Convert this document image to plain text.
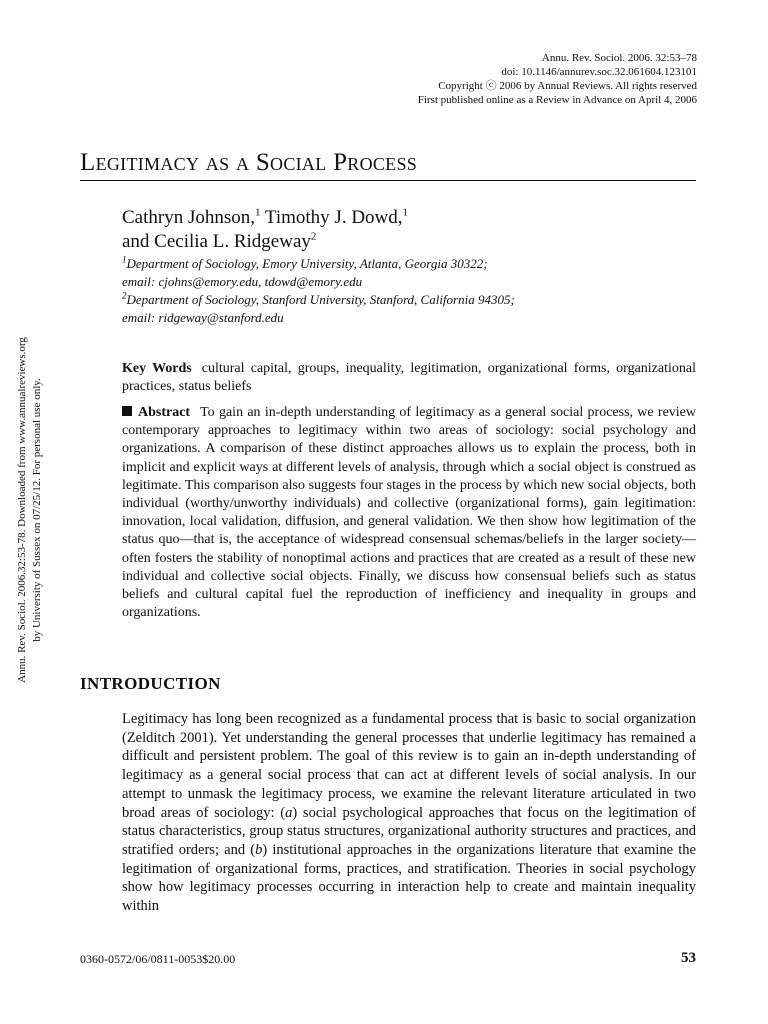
Annu. Rev. Sociol. 2006. 32:53–78
doi: 10.1146/annurev.soc.32.061604.123101
Copyright ⓒ 2006 by Annual Reviews. All rights reserved
First published online as a Review in Advance on April 4, 2006
Legitimacy as a Social Process
Cathryn Johnson,$^1$ Timothy J. Dowd,$^1$
and Cecilia L. Ridgeway$^2$
$^1$Department of Sociology, Emory University, Atlanta, Georgia 30322;
email: cjohns@emory.edu, tdowd@emory.edu
$^2$Department of Sociology, Stanford University, Stanford, California 94305;
email: ridgeway@stanford.edu
Annu. Rev. Sociol. 2006.32:53-78. Downloaded from www.annualreviews.org by University of Sussex on 07/25/12. For personal use only.
Key Words cultural capital, groups, inequality, legitimation, organizational forms, organizational practices, status beliefs
Abstract To gain an in-depth understanding of legitimacy as a general social process, we review contemporary approaches to legitimacy within two areas of sociology: social psychology and organizations. A comparison of these distinct approaches allows us to explain the process, both in implicit and explicit ways at different levels of analysis, through which a social object is construed as legitimate. This comparison also suggests four stages in the process by which new social objects, both individual (worthy/unworthy individuals) and collective (organizational forms), gain legitimation: innovation, local validation, diffusion, and general validation. We then show how legitimation of the status quo—that is, the acceptance of widespread consensual schemas/beliefs in the larger society—often fosters the stability of nonoptimal actions and practices that are created as a result of these new individual and collective social objects. Finally, we discuss how consensual beliefs such as status beliefs and cultural capital fuel the reproduction of inefficiency and inequality in groups and organizations.
INTRODUCTION

Legitimacy has long been recognized as a fundamental process that is basic to social organization (Zelditch 2001). Yet understanding the general processes that underlie legitimacy has remained a difficult and persistent problem. The goal of this review is to gain an in-depth understanding of legitimacy as a general social process that can act at different levels of social analysis. In our attempt to unmask the legitimacy process, we examine the relevant literature articulated in two broad areas of sociology: (a) social psychological approaches that focus on the legitimation of status characteristics, group status structures, organizational authority structures and practices, and stratified orders; and (b) institutional approaches in the organizations literature that examine the legitimation of organizational forms, practices, and stratification. Theories in social psychology show how legitimacy processes occurring in interaction help to create and maintain inequality within

0360-0572/06/0811-0053$20.00	53
